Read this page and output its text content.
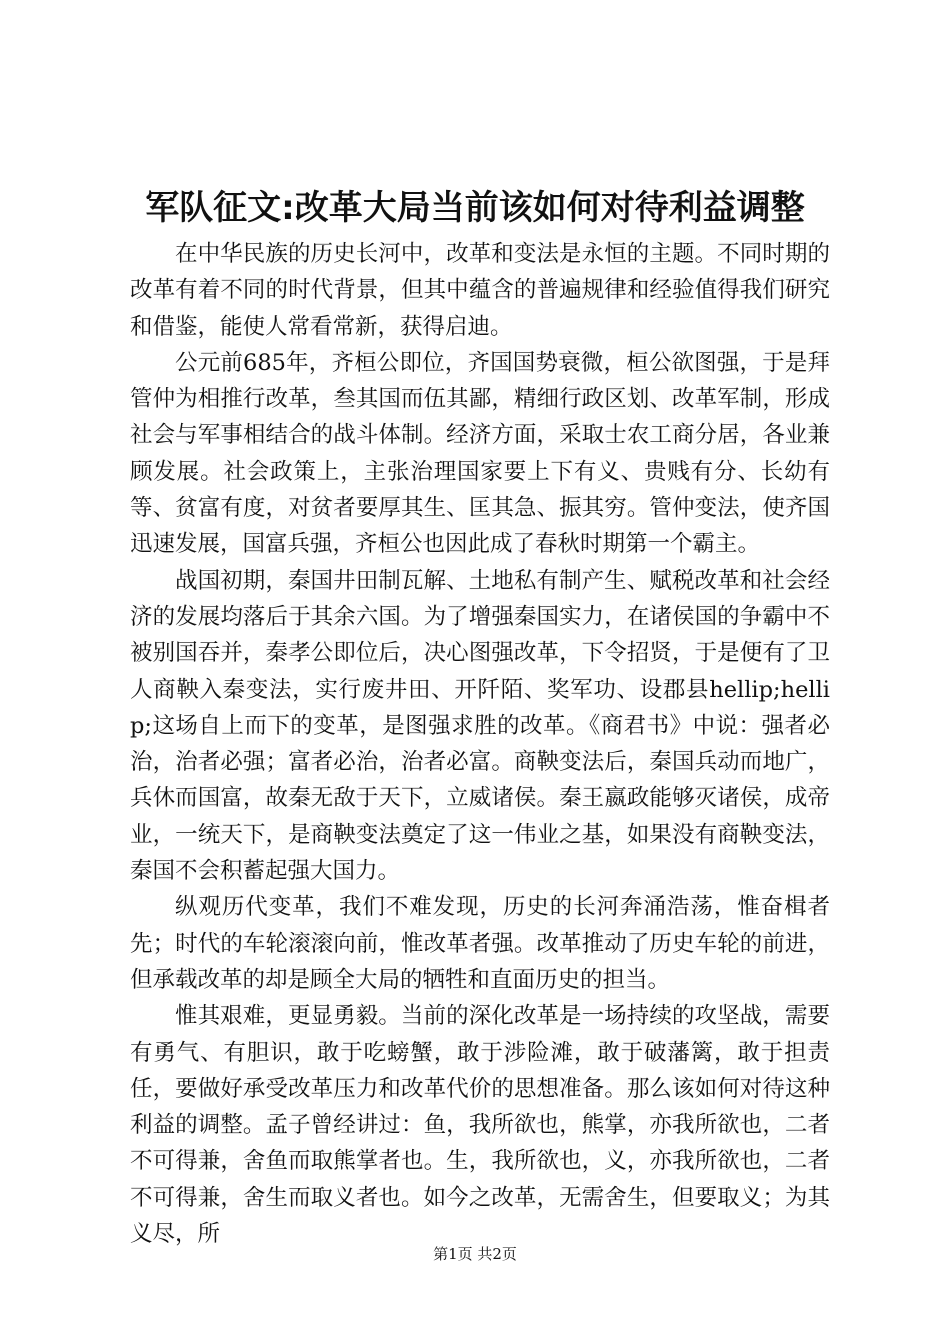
军队征文:改革大局当前该如何对待利益调整

在中华民族的历史长河中，改革和变法是永恒的主题。不同时期的改革有着不同的时代背景，但其中蕴含的普遍规律和经验值得我们研究和借鉴，能使人常看常新，获得启迪。

公元前685年，齐桓公即位，齐国国势衰微，桓公欲图强，于是拜管仲为相推行改革，叁其国而伍其鄙，精细行政区划、改革军制，形成社会与军事相结合的战斗体制。经济方面，采取士农工商分居，各业兼顾发展。社会政策上，主张治理国家要上下有义、贵贱有分、长幼有等、贫富有度，对贫者要厚其生、匡其急、振其穷。管仲变法，使齐国迅速发展，国富兵强，齐桓公也因此成了春秋时期第一个霸主。

战国初期，秦国井田制瓦解、土地私有制产生、赋税改革和社会经济的发展均落后于其余六国。为了增强秦国实力，在诸侯国的争霸中不被别国吞并，秦孝公即位后，决心图强改革，下令招贤，于是便有了卫人商鞅入秦变法，实行废井田、开阡陌、奖军功、设郡县hellip;hellip;这场自上而下的变革，是图强求胜的改革。《商君书》中说：强者必治，治者必强；富者必治，治者必富。商鞅变法后，秦国兵动而地广，兵休而国富，故秦无敌于天下，立威诸侯。秦王嬴政能够灭诸侯，成帝业，一统天下，是商鞅变法奠定了这一伟业之基，如果没有商鞅变法，秦国不会积蓄起强大国力。

纵观历代变革，我们不难发现，历史的长河奔涌浩荡，惟奋楫者先；时代的车轮滚滚向前，惟改革者强。改革推动了历史车轮的前进，但承载改革的却是顾全大局的牺牲和直面历史的担当。

惟其艰难，更显勇毅。当前的深化改革是一场持续的攻坚战，需要有勇气、有胆识，敢于吃螃蟹，敢于涉险滩，敢于破藩篱，敢于担责任，要做好承受改革压力和改革代价的思想准备。那么该如何对待这种利益的调整。孟子曾经讲过：鱼，我所欲也，熊掌，亦我所欲也，二者不可得兼，舍鱼而取熊掌者也。生，我所欲也，义，亦我所欲也，二者不可得兼，舍生而取义者也。如今之改革，无需舍生，但要取义；为其义尽，所

第1页 共2页
